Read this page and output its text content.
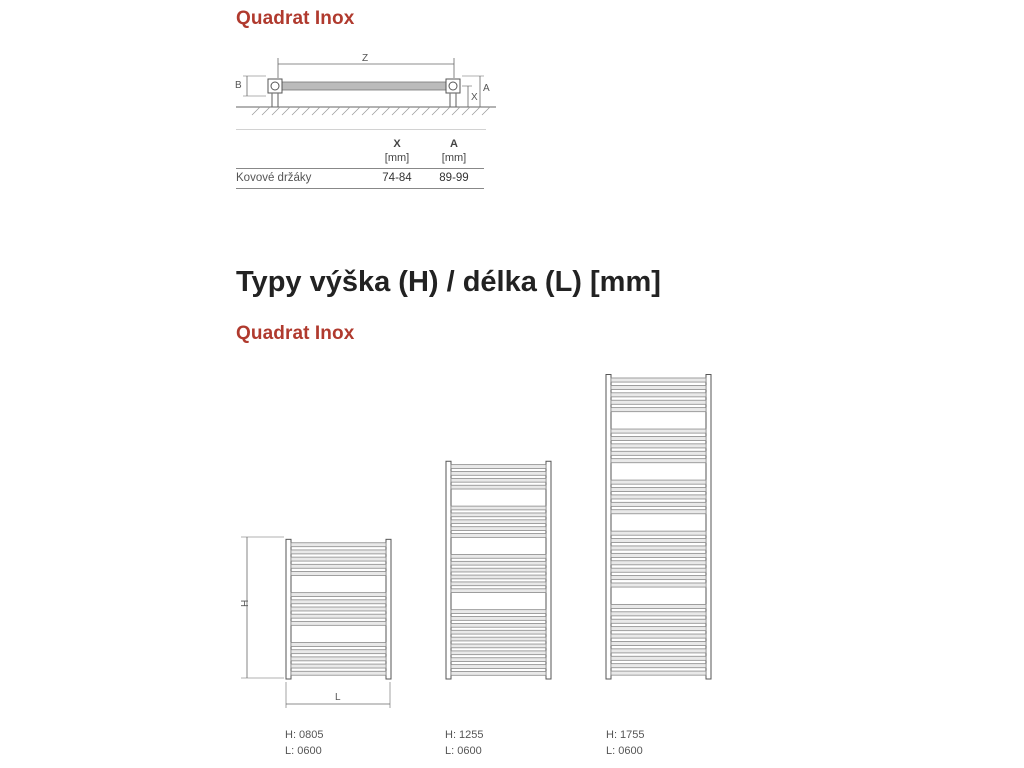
Quadrat Inox
Z
B	A
X
X	A
[mm]	[mm]
Kovové držáky	74-84	89-99
Typy výška (H) / délka (L) [mm]
Quadrat Inox
H
L
H: 0805
L: 0600
H: 1255
L: 0600
H: 1755
L: 0600
